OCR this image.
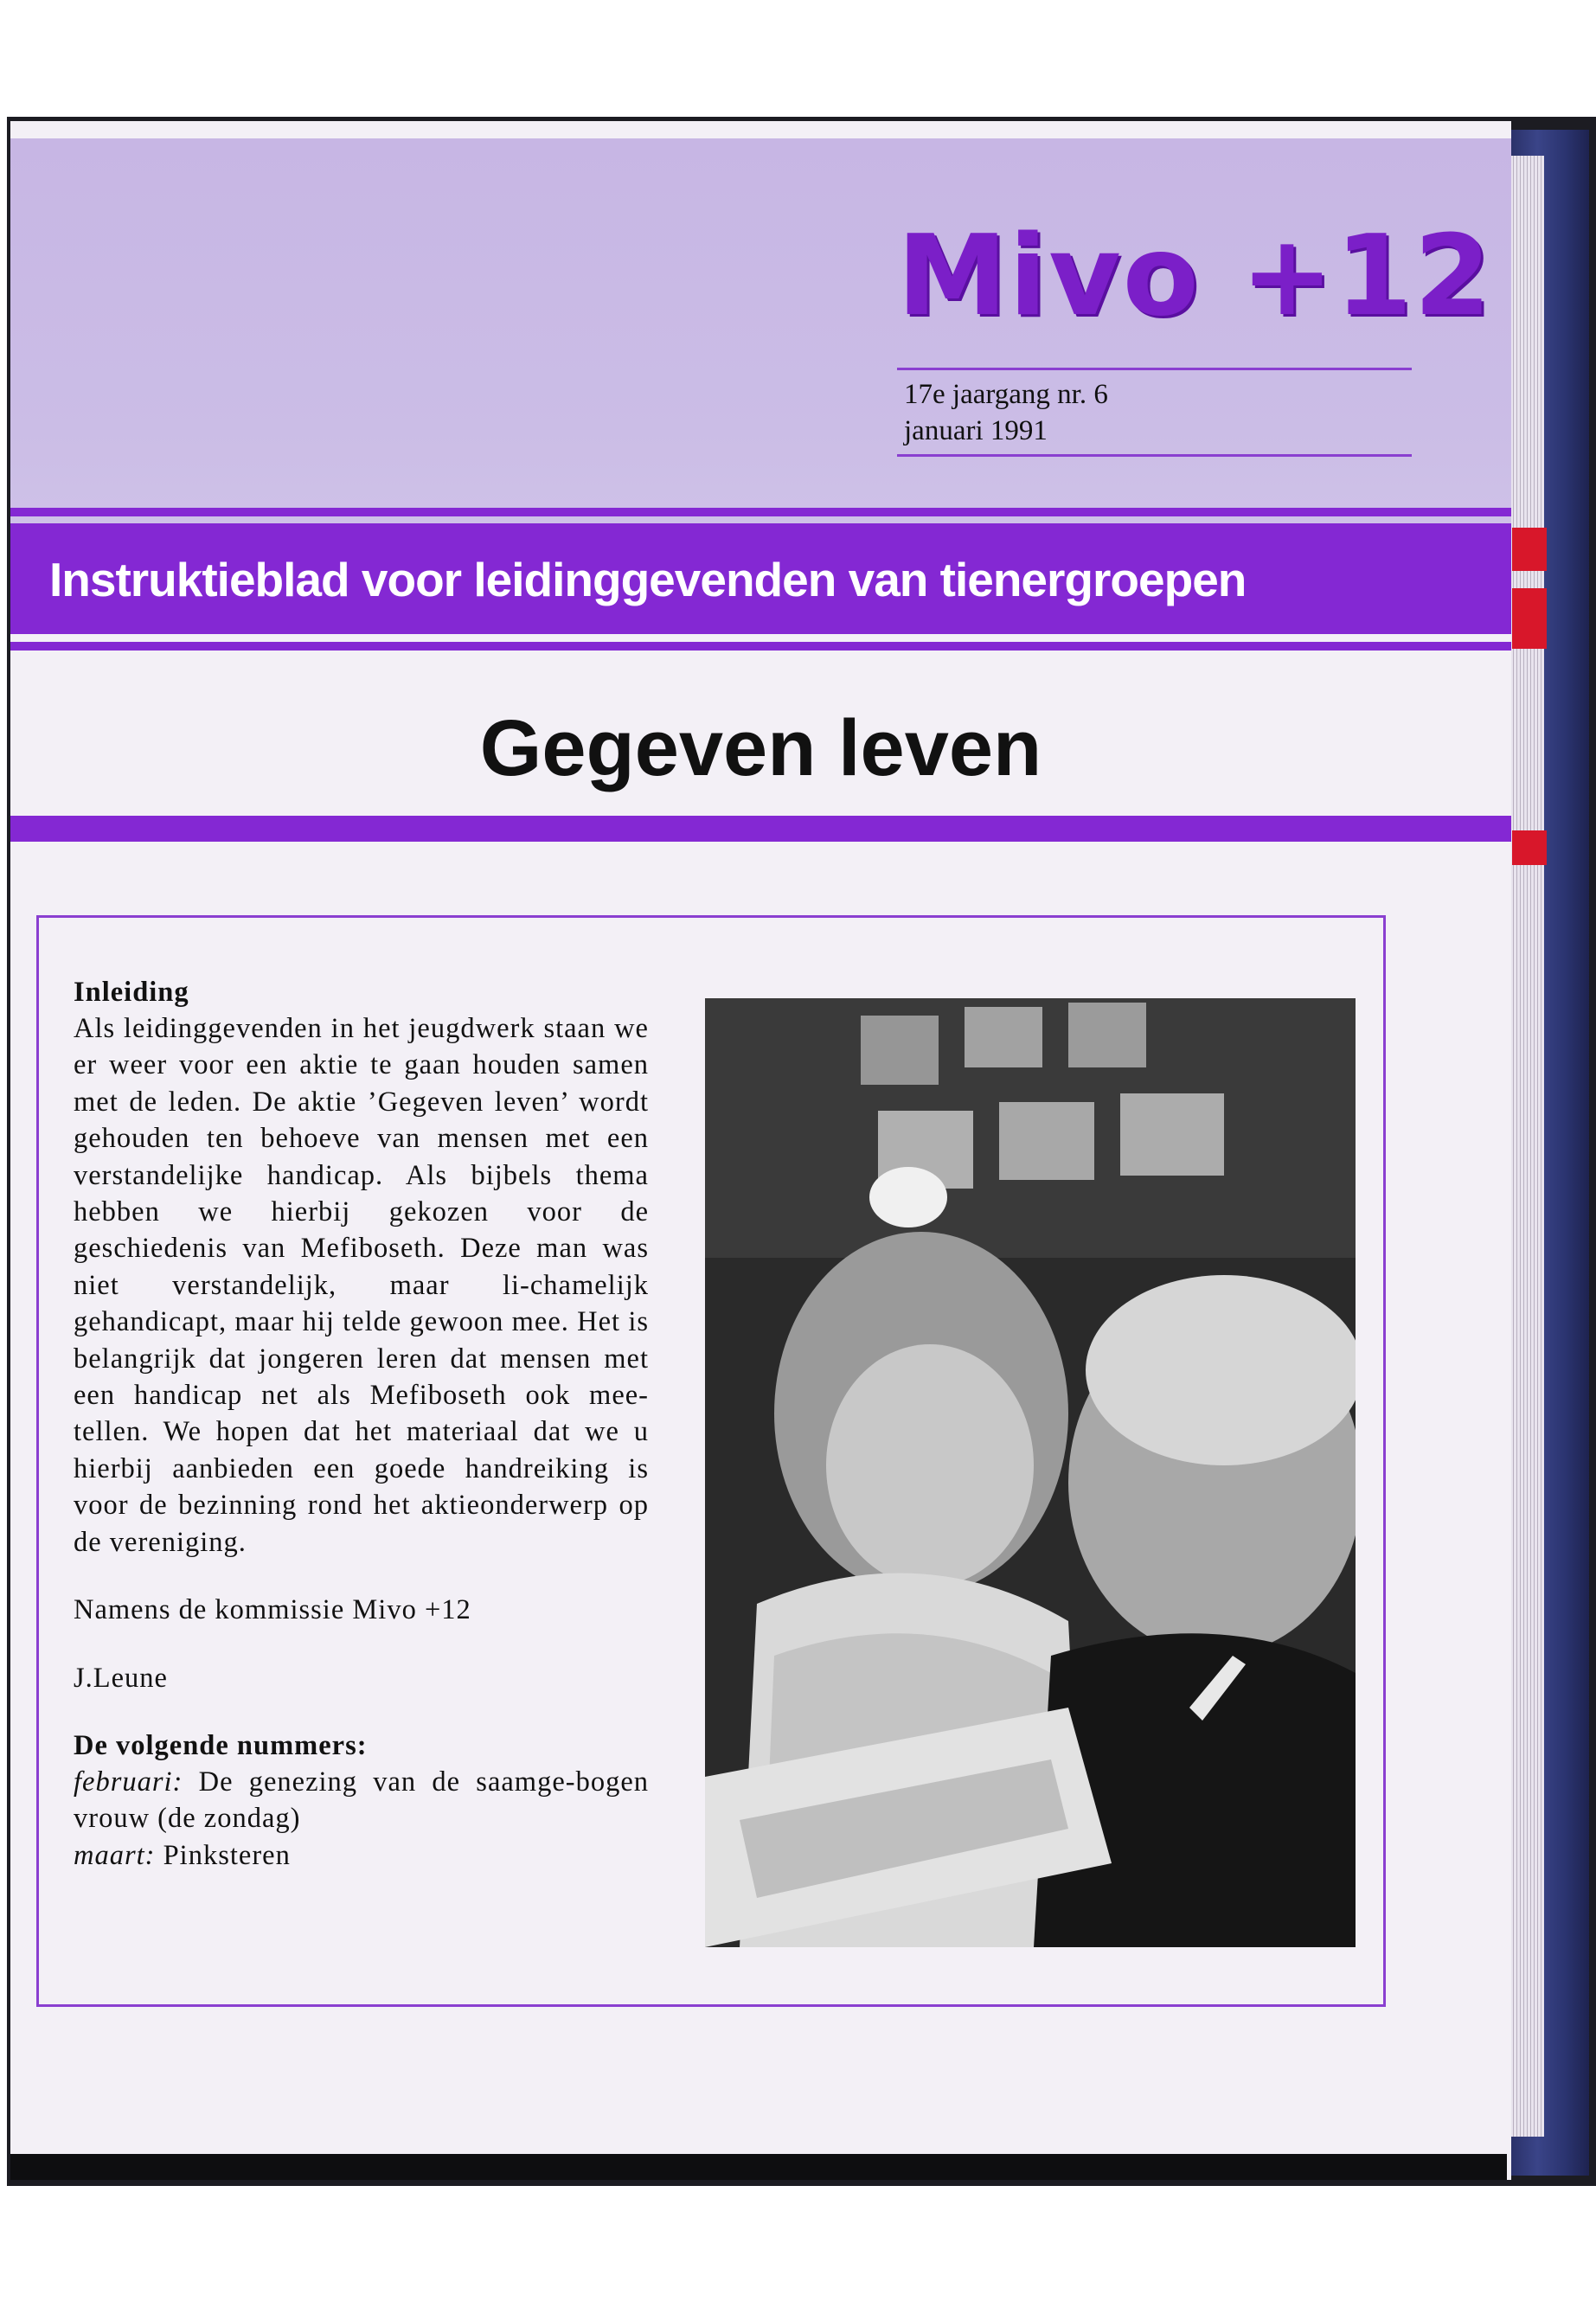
Mivo +12
17e jaargang nr. 6
januari 1991
Instruktieblad voor leidinggevenden van tienergroepen
Gegeven leven
Inleiding

Als leidinggevenden in het jeugdwerk staan we er weer voor een aktie te gaan houden samen met de leden. De aktie ’Gegeven leven’ wordt gehouden ten behoeve van mensen met een verstandelijke handicap. Als bijbels thema hebben we hierbij gekozen voor de geschiedenis van Mefiboseth. Deze man was niet verstandelijk, maar li-chamelijk gehandicapt, maar hij telde gewoon mee. Het is belangrijk dat jongeren leren dat mensen met een handicap net als Mefiboseth ook mee-tellen. We hopen dat het materiaal dat we u hierbij aanbieden een goede handreiking is voor de bezinning rond het aktieonderwerp op de vereniging.

Namens de kommissie Mivo +12

J.Leune

De volgende nummers:

februari: De genezing van de saamge-bogen vrouw (de zondag)

maart: Pinksteren
